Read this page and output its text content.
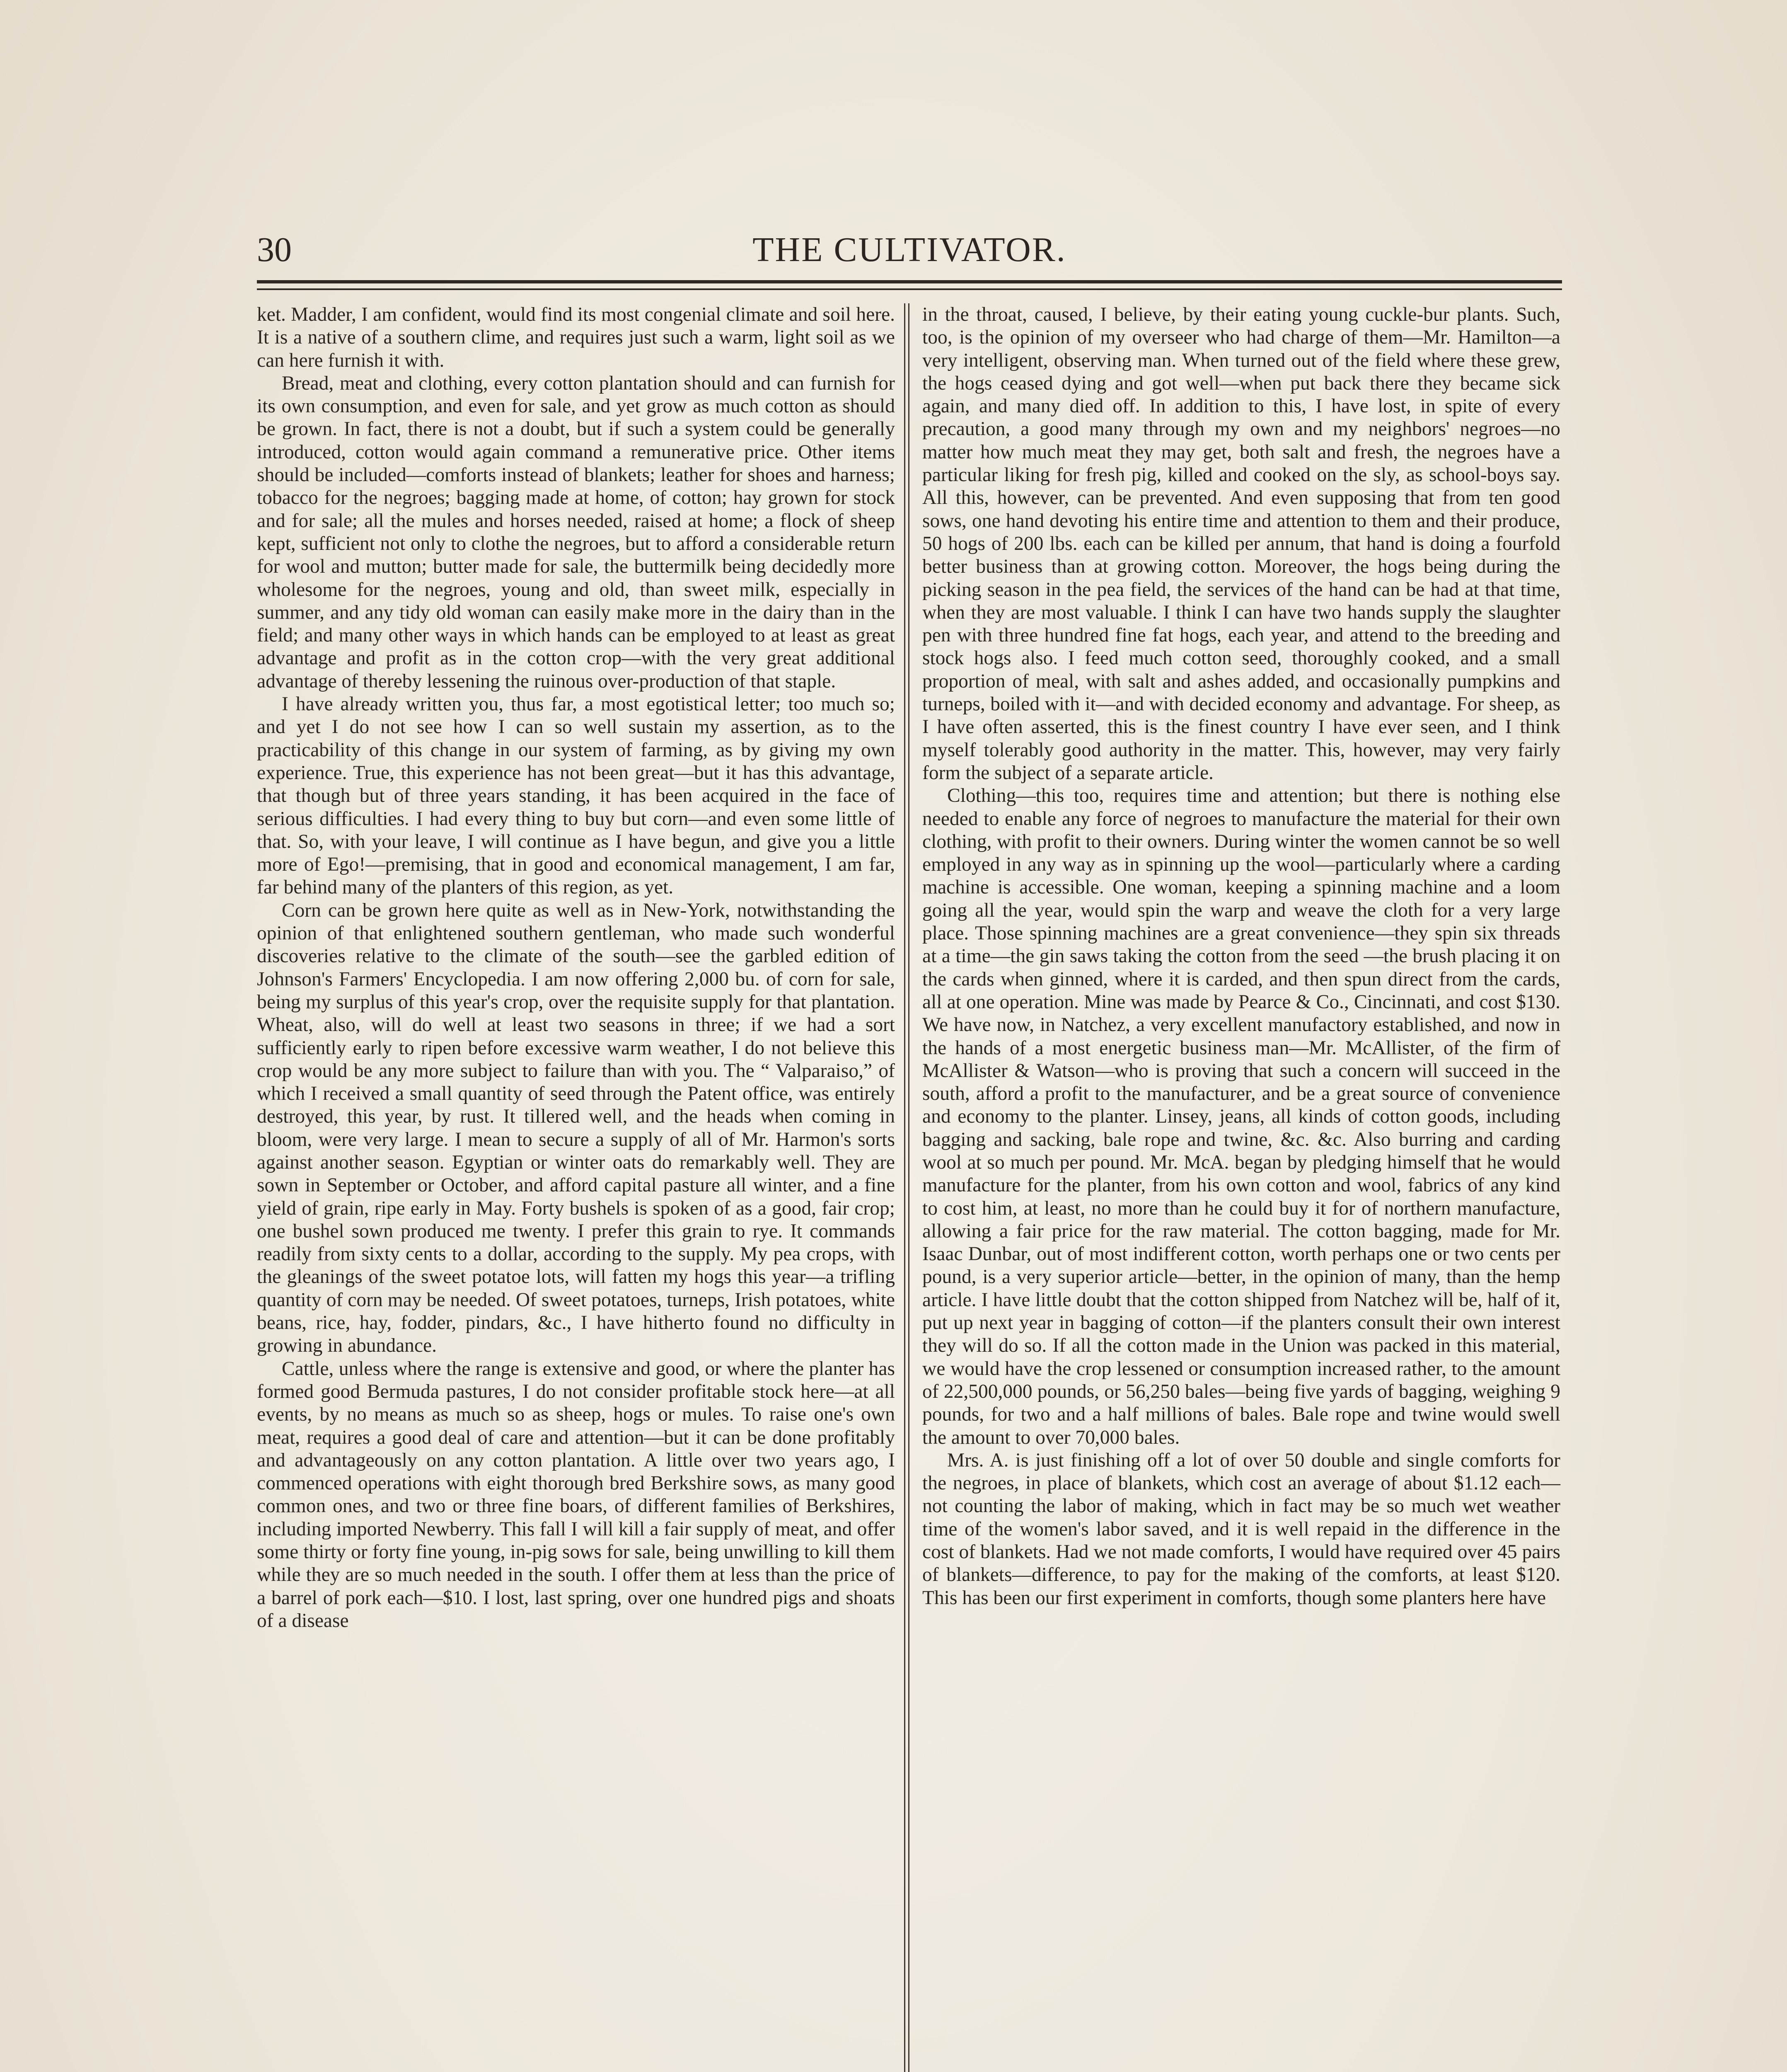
30	THE CULTIVATOR.

ket. Madder, I am confident, would find its most congenial climate and soil here. It is a native of a southern clime, and requires just such a warm, light soil as we can here furnish it with.

Bread, meat and clothing, every cotton plantation should and can furnish for its own consumption, and even for sale, and yet grow as much cotton as should be grown. In fact, there is not a doubt, but if such a system could be generally introduced, cotton would again command a remunerative price. Other items should be included—comforts instead of blankets; leather for shoes and harness; tobacco for the negroes; bagging made at home, of cotton; hay grown for stock and for sale; all the mules and horses needed, raised at home; a flock of sheep kept, sufficient not only to clothe the negroes, but to afford a considerable return for wool and mutton; butter made for sale, the buttermilk being decidedly more wholesome for the negroes, young and old, than sweet milk, especially in summer, and any tidy old woman can easily make more in the dairy than in the field; and many other ways in which hands can be employed to at least as great advantage and profit as in the cotton crop—with the very great additional advantage of thereby lessening the ruinous over-production of that staple.

I have already written you, thus far, a most egotistical letter; too much so; and yet I do not see how I can so well sustain my assertion, as to the practicability of this change in our system of farming, as by giving my own experience. True, this experience has not been great—but it has this advantage, that though but of three years standing, it has been acquired in the face of serious difficulties. I had every thing to buy but corn—and even some little of that. So, with your leave, I will continue as I have begun, and give you a little more of Ego!—premising, that in good and economical management, I am far, far behind many of the planters of this region, as yet.

Corn can be grown here quite as well as in New-York, notwithstanding the opinion of that enlightened southern gentleman, who made such wonderful discoveries relative to the climate of the south—see the garbled edition of Johnson's Farmers' Encyclopedia. I am now offering 2,000 bu. of corn for sale, being my surplus of this year's crop, over the requisite supply for that plantation. Wheat, also, will do well at least two seasons in three; if we had a sort sufficiently early to ripen before excessive warm weather, I do not believe this crop would be any more subject to failure than with you. The “ Valparaiso,” of which I received a small quantity of seed through the Patent office, was entirely destroyed, this year, by rust. It tillered well, and the heads when coming in bloom, were very large. I mean to secure a supply of all of Mr. Harmon's sorts against another season. Egyptian or winter oats do remarkably well. They are sown in September or October, and afford capital pasture all winter, and a fine yield of grain, ripe early in May. Forty bushels is spoken of as a good, fair crop; one bushel sown produced me twenty. I prefer this grain to rye. It commands readily from sixty cents to a dollar, according to the supply. My pea crops, with the gleanings of the sweet potatoe lots, will fatten my hogs this year—a trifling quantity of corn may be needed. Of sweet potatoes, turneps, Irish potatoes, white beans, rice, hay, fodder, pindars, &c., I have hitherto found no difficulty in growing in abundance.

Cattle, unless where the range is extensive and good, or where the planter has formed good Bermuda pastures, I do not consider profitable stock here—at all events, by no means as much so as sheep, hogs or mules. To raise one's own meat, requires a good deal of care and attention—but it can be done profitably and advantageously on any cotton plantation. A little over two years ago, I commenced operations with eight thorough bred Berkshire sows, as many good common ones, and two or three fine boars, of different families of Berkshires, including imported Newberry. This fall I will kill a fair supply of meat, and offer some thirty or forty fine young, in-pig sows for sale, being unwilling to kill them while they are so much needed in the south. I offer them at less than the price of a barrel of pork each—$10. I lost, last spring, over one hundred pigs and shoats of a disease

in the throat, caused, I believe, by their eating young cuckle-bur plants. Such, too, is the opinion of my overseer who had charge of them—Mr. Hamilton—a very intelligent, observing man. When turned out of the field where these grew, the hogs ceased dying and got well—when put back there they became sick again, and many died off. In addition to this, I have lost, in spite of every precaution, a good many through my own and my neighbors' negroes—no matter how much meat they may get, both salt and fresh, the negroes have a particular liking for fresh pig, killed and cooked on the sly, as school-boys say. All this, however, can be prevented. And even supposing that from ten good sows, one hand devoting his entire time and attention to them and their produce, 50 hogs of 200 lbs. each can be killed per annum, that hand is doing a fourfold better business than at growing cotton. Moreover, the hogs being during the picking season in the pea field, the services of the hand can be had at that time, when they are most valuable. I think I can have two hands supply the slaughter pen with three hundred fine fat hogs, each year, and attend to the breeding and stock hogs also. I feed much cotton seed, thoroughly cooked, and a small proportion of meal, with salt and ashes added, and occasionally pumpkins and turneps, boiled with it—and with decided economy and advantage. For sheep, as I have often asserted, this is the finest country I have ever seen, and I think myself tolerably good authority in the matter. This, however, may very fairly form the subject of a separate article.

Clothing—this too, requires time and attention; but there is nothing else needed to enable any force of negroes to manufacture the material for their own clothing, with profit to their owners. During winter the women cannot be so well employed in any way as in spinning up the wool—particularly where a carding machine is accessible. One woman, keeping a spinning machine and a loom going all the year, would spin the warp and weave the cloth for a very large place. Those spinning machines are a great convenience—they spin six threads at a time—the gin saws taking the cotton from the seed —the brush placing it on the cards when ginned, where it is carded, and then spun direct from the cards, all at one operation. Mine was made by Pearce & Co., Cincinnati, and cost $130. We have now, in Natchez, a very excellent manufactory established, and now in the hands of a most energetic business man—Mr. McAllister, of the firm of McAllister & Watson—who is proving that such a concern will succeed in the south, afford a profit to the manufacturer, and be a great source of convenience and economy to the planter. Linsey, jeans, all kinds of cotton goods, including bagging and sacking, bale rope and twine, &c. &c. Also burring and carding wool at so much per pound. Mr. McA. began by pledging himself that he would manufacture for the planter, from his own cotton and wool, fabrics of any kind to cost him, at least, no more than he could buy it for of northern manufacture, allowing a fair price for the raw material. The cotton bagging, made for Mr. Isaac Dunbar, out of most indifferent cotton, worth perhaps one or two cents per pound, is a very superior article—better, in the opinion of many, than the hemp article. I have little doubt that the cotton shipped from Natchez will be, half of it, put up next year in bagging of cotton—if the planters consult their own interest they will do so. If all the cotton made in the Union was packed in this material, we would have the crop lessened or consumption increased rather, to the amount of 22,500,000 pounds, or 56,250 bales—being five yards of bagging, weighing 9 pounds, for two and a half millions of bales. Bale rope and twine would swell the amount to over 70,000 bales.

Mrs. A. is just finishing off a lot of over 50 double and single comforts for the negroes, in place of blankets, which cost an average of about $1.12 each—not counting the labor of making, which in fact may be so much wet weather time of the women's labor saved, and it is well repaid in the difference in the cost of blankets. Had we not made comforts, I would have required over 45 pairs of blankets—difference, to pay for the making of the comforts, at least $120. This has been our first experiment in comforts, though some planters here have
